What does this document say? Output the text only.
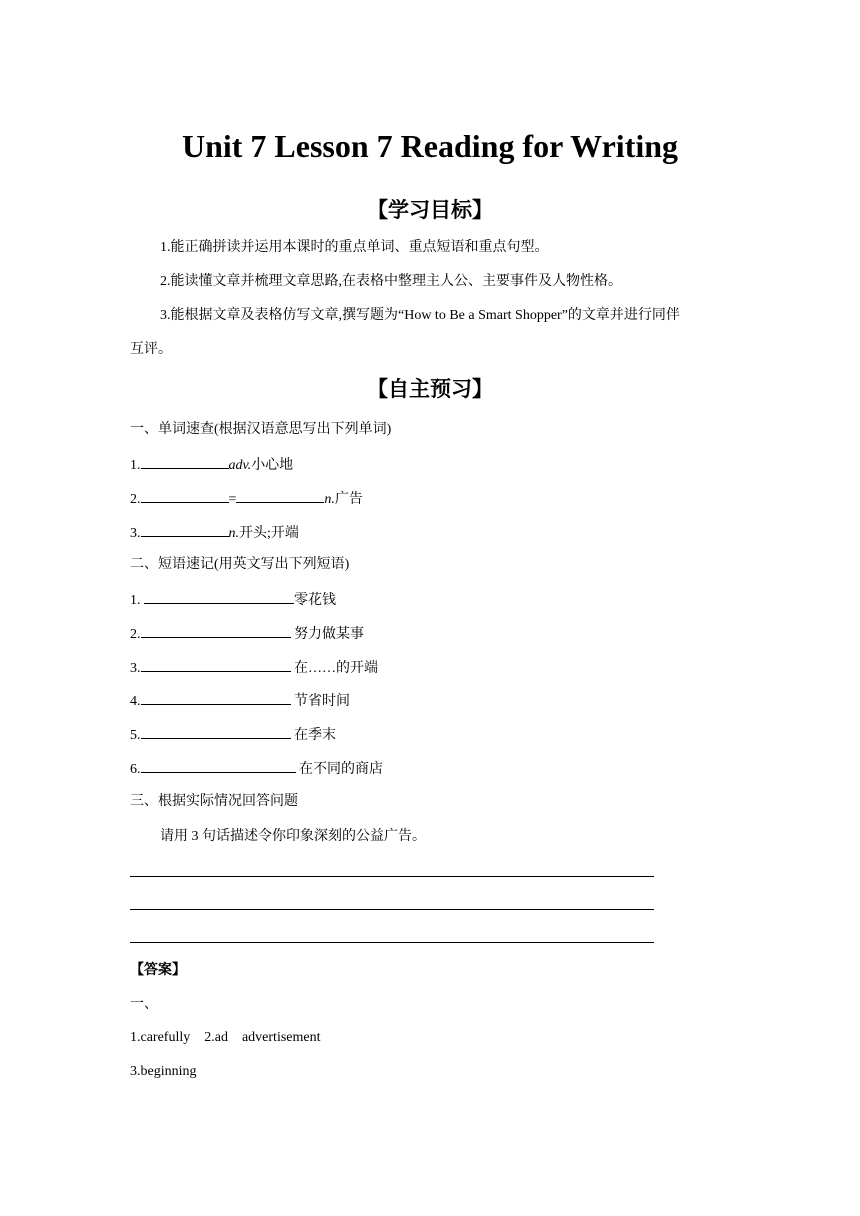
Unit 7 Lesson 7 Reading for Writing
【学习目标】
1.能正确拼读并运用本课时的重点单词、重点短语和重点句型。
2.能读懂文章并梳理文章思路,在表格中整理主人公、主要事件及人物性格。
3.能根据文章及表格仿写文章,撰写题为“How to Be a Smart Shopper”的文章并进行同伴
互评。
【自主预习】
一、单词速查(根据汉语意思写出下列单词)
1.	adv.小心地
2.	=	n.广告
3.	n.开头;开端
二、短语速记(用英文写出下列短语)
1.	零花钱
2.	努力做某事
3.	在……的开端
4.	节省时间
5.	在季末
6.	在不同的商店
三、根据实际情况回答问题
请用 3 句话描述令你印象深刻的公益广告。
【答案】
一、
1.carefully 2.ad advertisement
3.beginning
